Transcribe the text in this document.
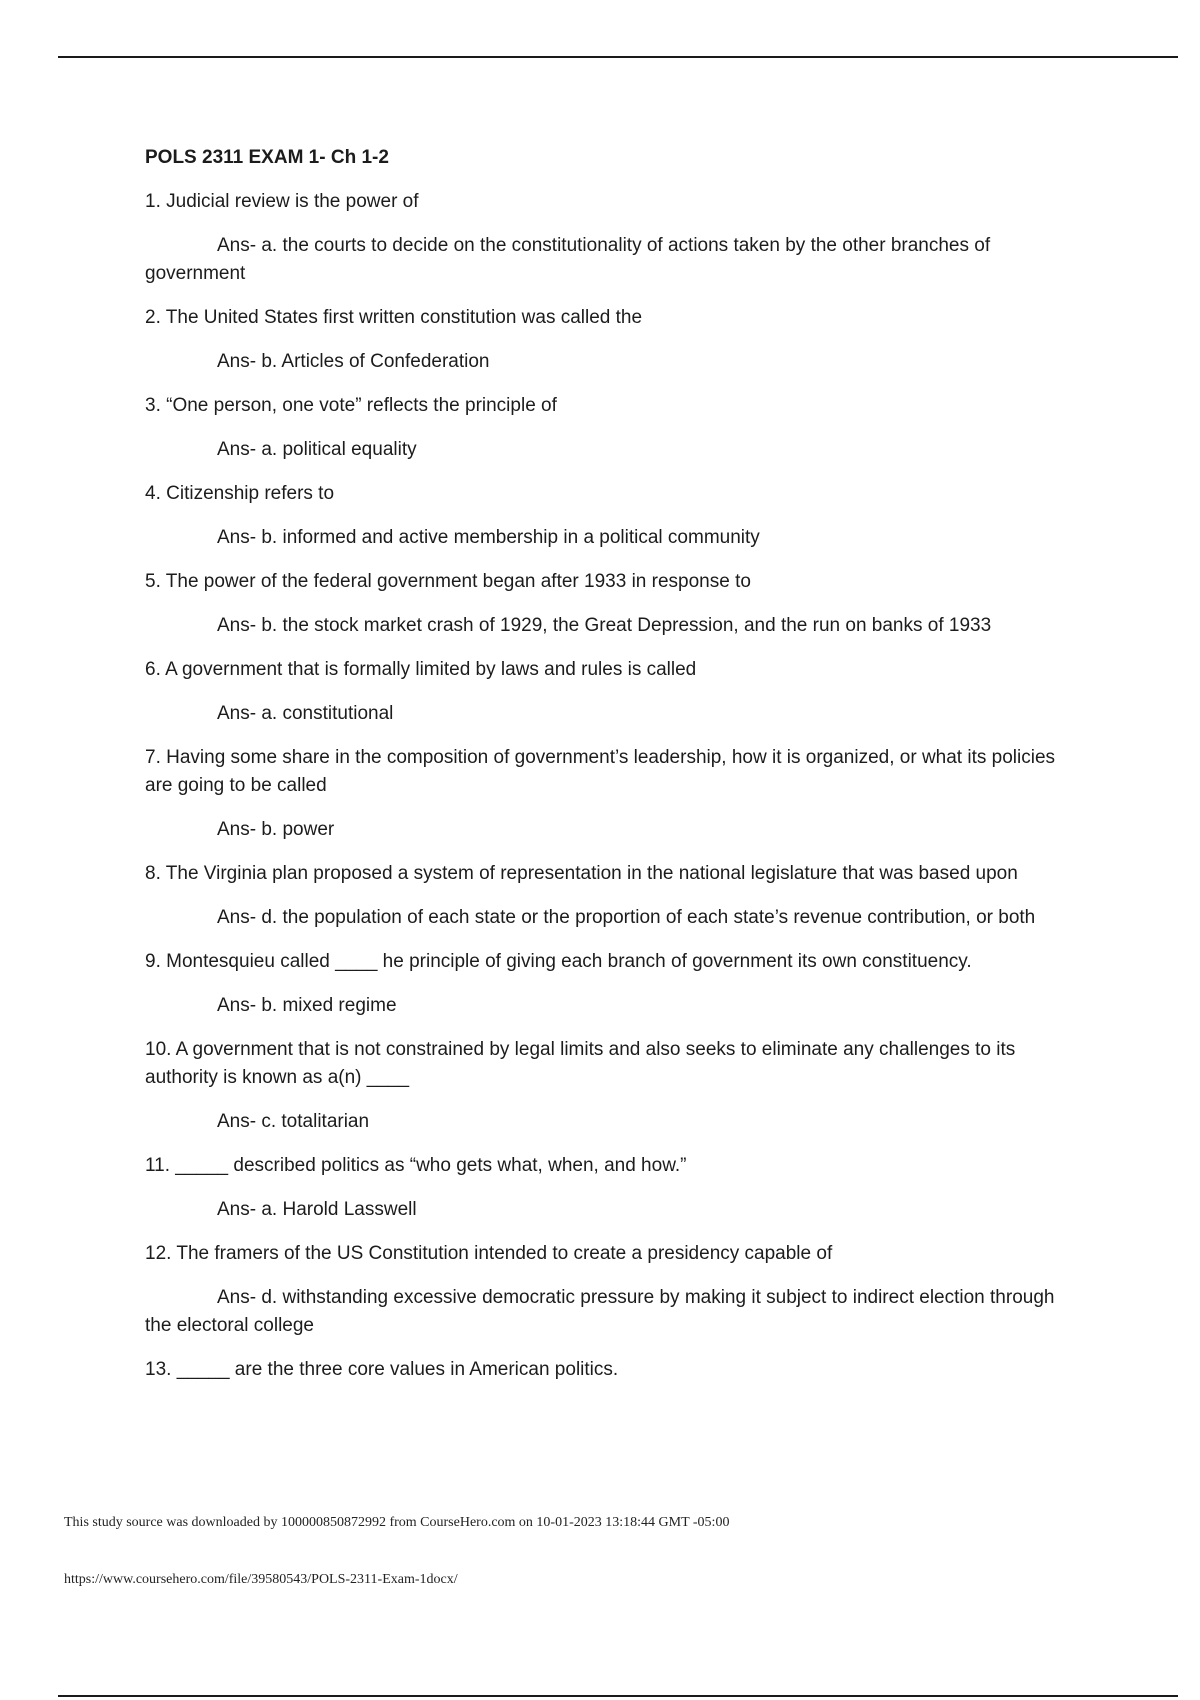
POLS 2311 EXAM 1- Ch 1-2

1. Judicial review is the power of

Ans- a. the courts to decide on the constitutionality of actions taken by the other branches of government

2. The United States first written constitution was called the

Ans- b. Articles of Confederation

3. “One person, one vote” reflects the principle of

Ans- a. political equality

4. Citizenship refers to

Ans- b. informed and active membership in a political community

5. The power of the federal government began after 1933 in response to

Ans- b. the stock market crash of 1929, the Great Depression, and the run on banks of 1933

6. A government that is formally limited by laws and rules is called

Ans- a. constitutional

7. Having some share in the composition of government’s leadership, how it is organized, or what its policies are going to be called

Ans- b. power

8. The Virginia plan proposed a system of representation in the national legislature that was based upon

Ans- d. the population of each state or the proportion of each state’s revenue contribution, or both

9. Montesquieu called ____ he principle of giving each branch of government its own constituency.

Ans- b. mixed regime

10. A government that is not constrained by legal limits and also seeks to eliminate any challenges to its authority is known as a(n) ____

Ans- c. totalitarian

11. _____ described politics as “who gets what, when, and how.”

Ans- a. Harold Lasswell

12. The framers of the US Constitution intended to create a presidency capable of

Ans- d. withstanding excessive democratic pressure by making it subject to indirect election through the electoral college

13. _____ are the three core values in American politics.

This study source was downloaded by 100000850872992 from CourseHero.com on 10-01-2023 13:18:44 GMT -05:00
https://www.coursehero.com/file/39580543/POLS-2311-Exam-1docx/
